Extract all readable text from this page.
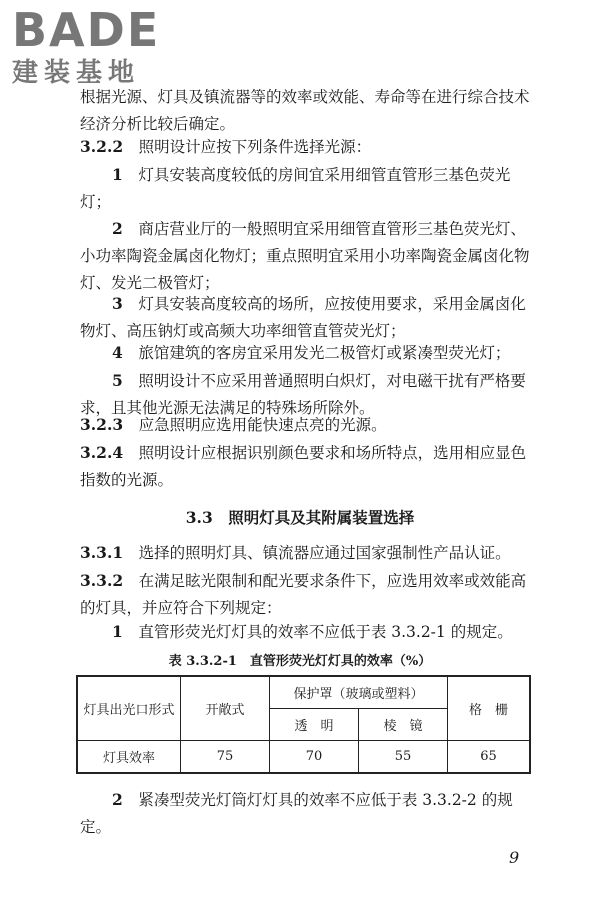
BADE
建装基地
根据光源、灯具及镇流器等的效率或效能、寿命等在进行综合技术经济分析比较后确定。
3.2.2　 照明设计应按下列条件选择光源：
1　 灯具安装高度较低的房间宜采用细管直管形三基色荧光灯；
2　 商店营业厅的一般照明宜采用细管直管形三基色荧光灯、小功率陶瓷金属卤化物灯；重点照明宜采用小功率陶瓷金属卤化物灯、发光二极管灯；
3　 灯具安装高度较高的场所，应按使用要求，采用金属卤化物灯、高压钠灯或高频大功率细管直管荧光灯；
4　 旅馆建筑的客房宜采用发光二极管灯或紧凑型荧光灯；
5　 照明设计不应采用普通照明白炽灯，对电磁干扰有严格要求，且其他光源无法满足的特殊场所除外。
3.2.3　 应急照明应选用能快速点亮的光源。
3.2.4　 照明设计应根据识别颜色要求和场所特点，选用相应显色指数的光源。
3.3　照明灯具及其附属装置选择
3.3.1　 选择的照明灯具、镇流器应通过国家强制性产品认证。
3.3.2　 在满足眩光限制和配光要求条件下，应选用效率或效能高的灯具，并应符合下列规定：
1　 直管形荧光灯灯具的效率不应低于表 3.3.2-1 的规定。
表 3.3.2-1　直管形荧光灯灯具的效率（%）
灯具出光口形式	开敞式	保护罩（玻璃或塑料）		格　栅
		透　明	棱　镜	
灯具效率	75	70	55	65
2　 紧凑型荧光灯筒灯灯具的效率不应低于表 3.3.2-2 的规定。
9
